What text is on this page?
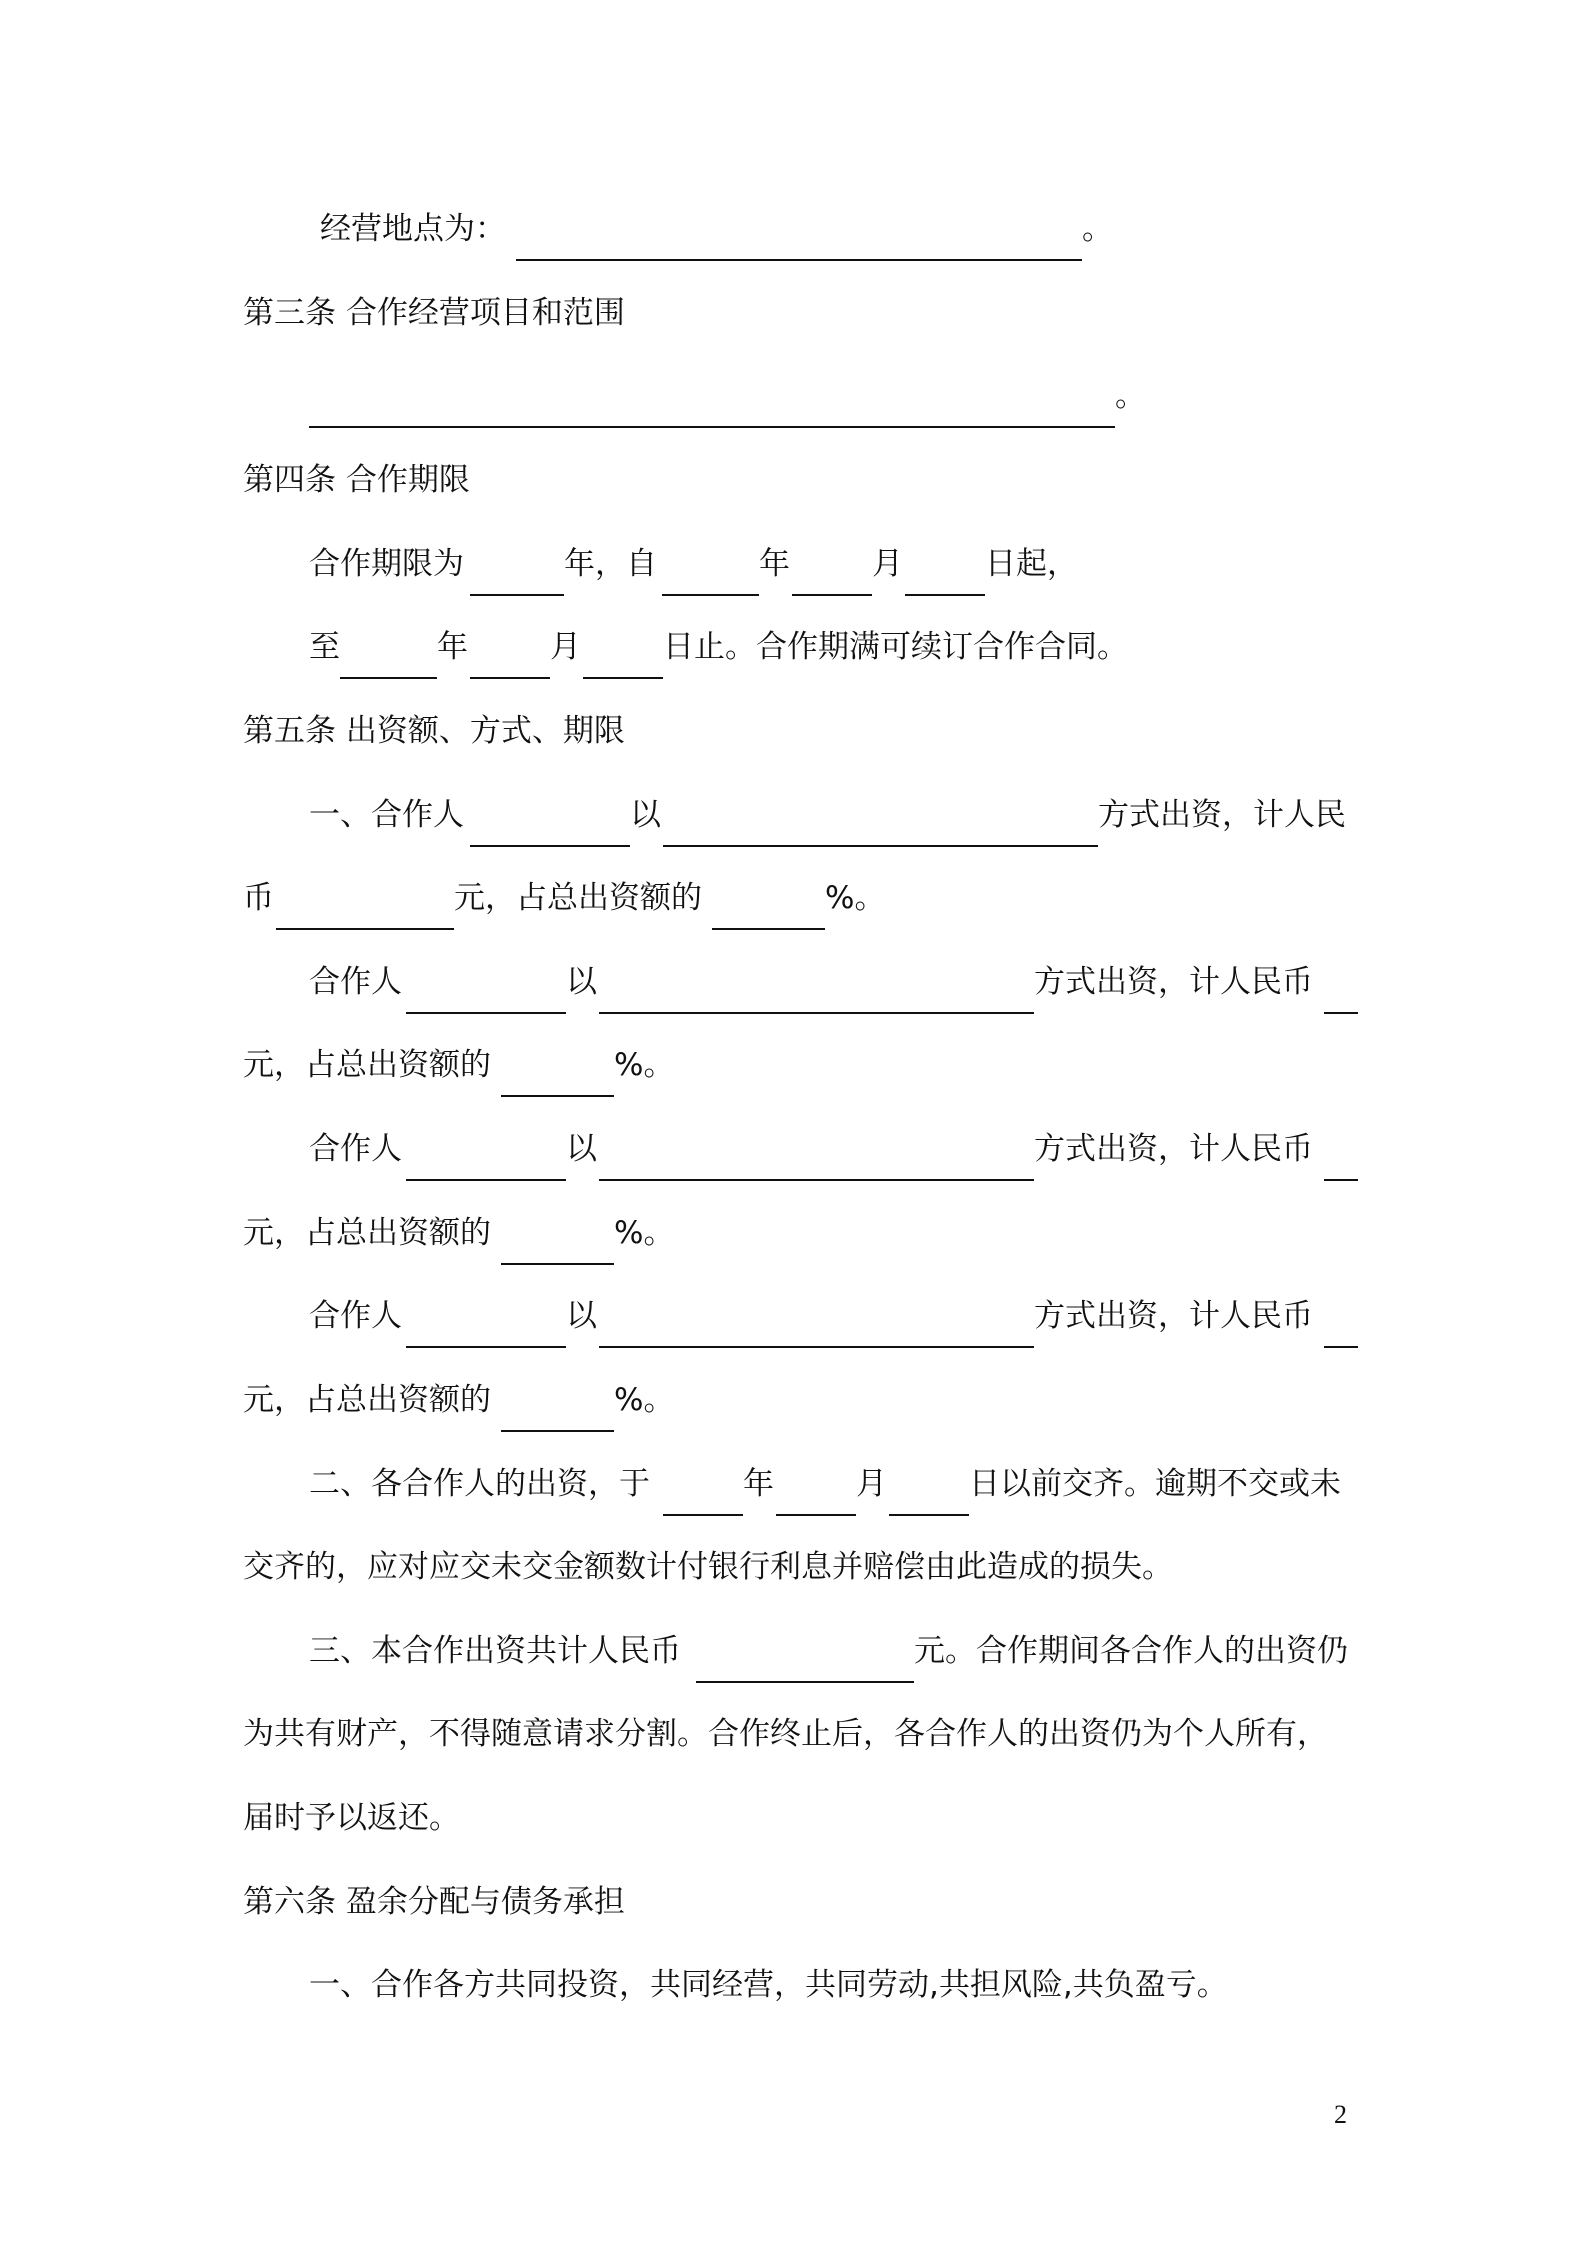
经营地点为：	。
第三条 合作经营项目和范围
。
第四条 合作期限
合作期限为	年，自	年	月	日起，
至	年	月	日止。合作期满可续订合作合同。
第五条 出资额、方式、期限
一、合作人	以	方式出资，计人民
币	元，占总出资额的	%。
合作人	以	方式出资，计人民币
元，占总出资额的	%。
合作人	以	方式出资，计人民币
元，占总出资额的	%。
合作人	以	方式出资，计人民币
元，占总出资额的	%。
二、各合作人的出资，于	年	月	日以前交齐。逾期不交或未
交齐的，应对应交未交金额数计付银行利息并赔偿由此造成的损失。
三、本合作出资共计人民币	元。合作期间各合作人的出资仍
为共有财产，不得随意请求分割。合作终止后，各合作人的出资仍为个人所有，
届时予以返还。
第六条 盈余分配与债务承担
一、合作各方共同投资，共同经营，共同劳动,共担风险,共负盈亏。
2
